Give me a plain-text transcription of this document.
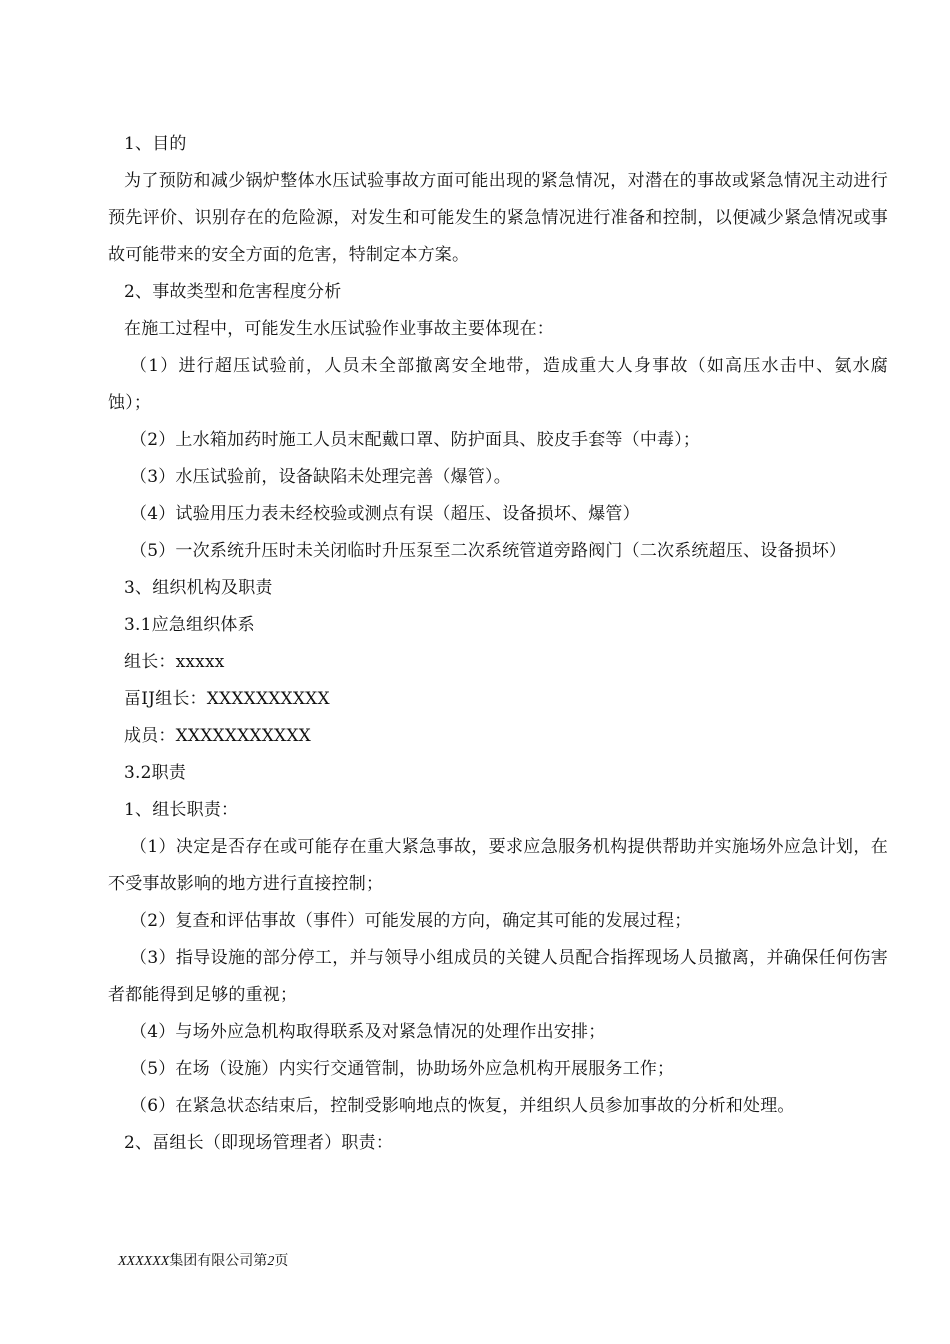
1、目的

为了预防和减少锅炉整体水压试验事故方面可能出现的紧急情况，对潜在的事故或紧急情况主动进行预先评价、识别存在的危险源，对发生和可能发生的紧急情况进行准备和控制，以便减少紧急情况或事故可能带来的安全方面的危害，特制定本方案。

2、事故类型和危害程度分析

在施工过程中，可能发生水压试验作业事故主要体现在：

（1）进行超压试验前，人员未全部撤离安全地带，造成重大人身事故（如高压水击中、氨水腐蚀）；

（2）上水箱加药时施工人员末配戴口罩、防护面具、胶皮手套等（中毒）；

（3）水压试验前，设备缺陷未处理完善（爆管）。

（4）试验用压力表未经校验或测点有误（超压、设备损坏、爆管）

（5）一次系统升压时未关闭临时升压泵至二次系统管道旁路阀门（二次系统超压、设备损坏）

3、组织机构及职责

3.1应急组织体系

组长：xxxxx

畐IJ组长：XXXXXXXXXX

成员：XXXXXXXXXXX

3.2职责

1、组长职责：

（1）决定是否存在或可能存在重大紧急事故，要求应急服务机构提供帮助并实施场外应急计划，在不受事故影响的地方进行直接控制；

（2）复查和评估事故（事件）可能发展的方向，确定其可能的发展过程；

（3）指导设施的部分停工，并与领导小组成员的关键人员配合指挥现场人员撤离，并确保任何伤害者都能得到足够的重视；

（4）与场外应急机构取得联系及对紧急情况的处理作出安排；

（5）在场（设施）内实行交通管制，协助场外应急机构开展服务工作；

（6）在紧急状态结束后，控制受影响地点的恢复，并组织人员参加事故的分析和处理。

2、畐组长（即现场管理者）职责：

XXXXXX集团有限公司第2页
